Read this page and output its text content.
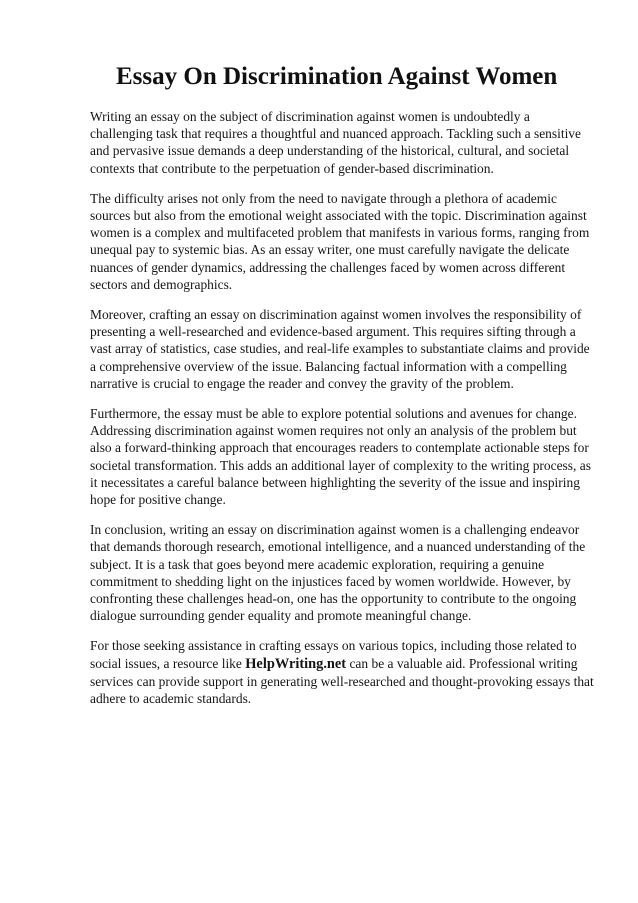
Essay On Discrimination Against Women

Writing an essay on the subject of discrimination against women is undoubtedly a challenging task that requires a thoughtful and nuanced approach. Tackling such a sensitive and pervasive issue demands a deep understanding of the historical, cultural, and societal contexts that contribute to the perpetuation of gender-based discrimination.

The difficulty arises not only from the need to navigate through a plethora of academic sources but also from the emotional weight associated with the topic. Discrimination against women is a complex and multifaceted problem that manifests in various forms, ranging from unequal pay to systemic bias. As an essay writer, one must carefully navigate the delicate nuances of gender dynamics, addressing the challenges faced by women across different sectors and demographics.

Moreover, crafting an essay on discrimination against women involves the responsibility of presenting a well-researched and evidence-based argument. This requires sifting through a vast array of statistics, case studies, and real-life examples to substantiate claims and provide a comprehensive overview of the issue. Balancing factual information with a compelling narrative is crucial to engage the reader and convey the gravity of the problem.

Furthermore, the essay must be able to explore potential solutions and avenues for change. Addressing discrimination against women requires not only an analysis of the problem but also a forward-thinking approach that encourages readers to contemplate actionable steps for societal transformation. This adds an additional layer of complexity to the writing process, as it necessitates a careful balance between highlighting the severity of the issue and inspiring hope for positive change.

In conclusion, writing an essay on discrimination against women is a challenging endeavor that demands thorough research, emotional intelligence, and a nuanced understanding of the subject. It is a task that goes beyond mere academic exploration, requiring a genuine commitment to shedding light on the injustices faced by women worldwide. However, by confronting these challenges head-on, one has the opportunity to contribute to the ongoing dialogue surrounding gender equality and promote meaningful change.

For those seeking assistance in crafting essays on various topics, including those related to social issues, a resource like HelpWriting.net can be a valuable aid. Professional writing services can provide support in generating well-researched and thought-provoking essays that adhere to academic standards.
